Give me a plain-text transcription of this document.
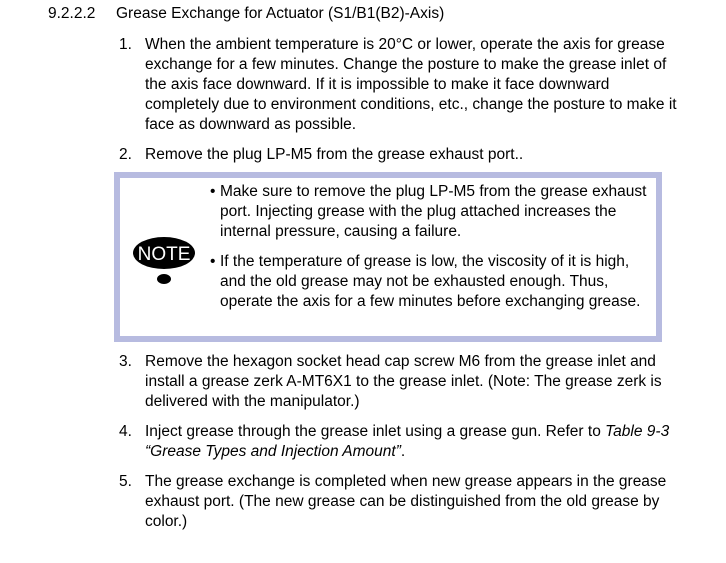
9.2.2.2 Grease Exchange for Actuator (S1/B1(B2)-Axis)
1. When the ambient temperature is 20°C or lower, operate the axis for grease exchange for a few minutes. Change the posture to make the grease inlet of the axis face downward. If it is impossible to make it face downward completely due to environment conditions, etc., change the posture to make it face as downward as possible.
2. Remove the plug LP-M5 from the grease exhaust port..
NOTE
• Make sure to remove the plug LP-M5 from the grease exhaust port. Injecting grease with the plug attached increases the internal pressure, causing a failure.
• If the temperature of grease is low, the viscosity of it is high, and the old grease may not be exhausted enough. Thus, operate the axis for a few minutes before exchanging grease.
3. Remove the hexagon socket head cap screw M6 from the grease inlet and install a grease zerk A-MT6X1 to the grease inlet. (Note: The grease zerk is delivered with the manipulator.)
4. Inject grease through the grease inlet using a grease gun. Refer to Table 9-3 “Grease Types and Injection Amount”.
5. The grease exchange is completed when new grease appears in the grease exhaust port. (The new grease can be distinguished from the old grease by color.)
